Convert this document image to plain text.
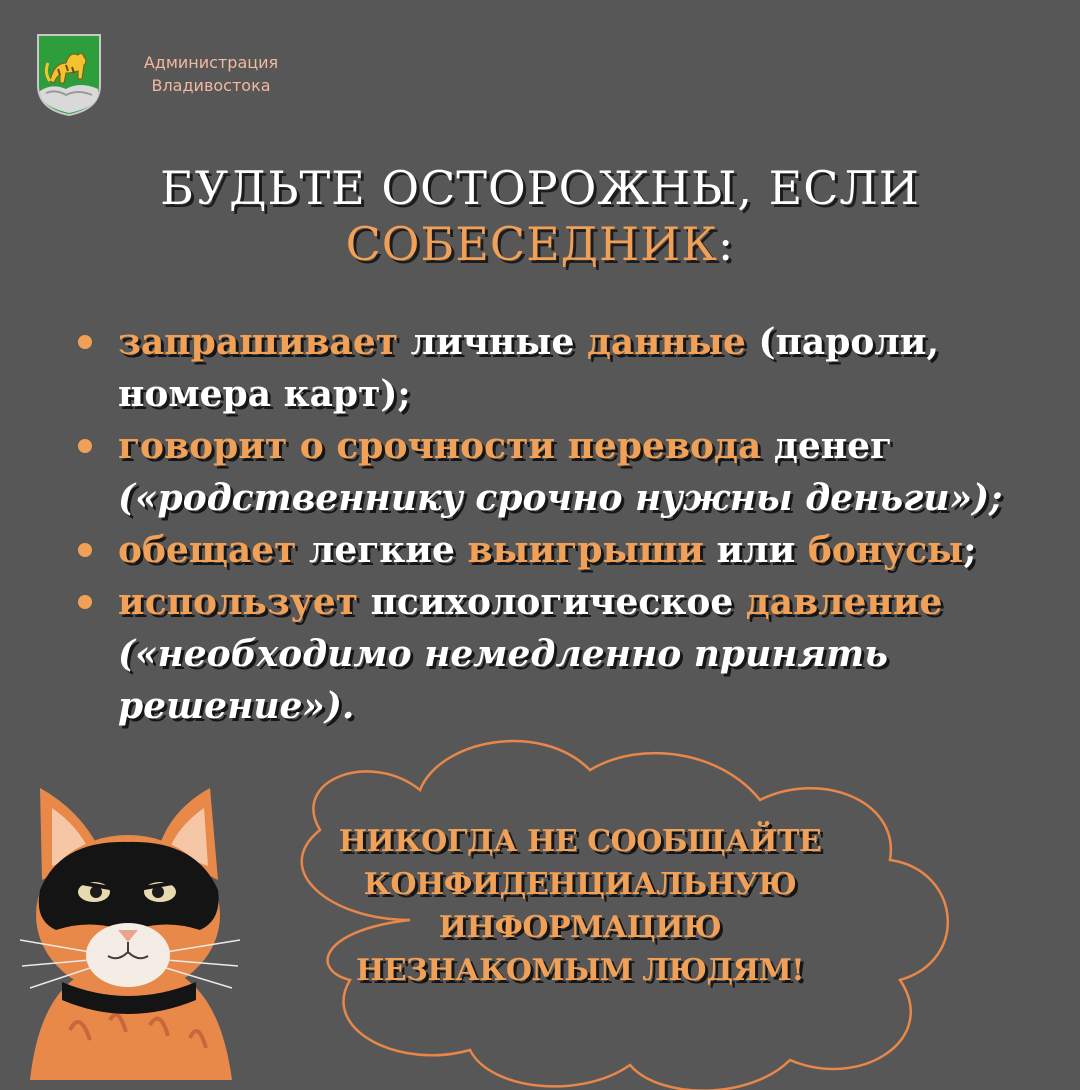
Администрация
Владивостока
БУДЬТЕ ОСТОРОЖНЫ, ЕСЛИ
СОБЕСЕДНИК:
запрашивает личные данные (пароли, номера карт);
говорит о срочности перевода денег («родственнику срочно нужны деньги»);
обещает легкие выигрыши или бонусы;
использует психологическое давление («необходимо немедленно принять решение»).
НИКОГДА НЕ СООБЩАЙТЕ
КОНФИДЕНЦИАЛЬНУЮ
ИНФОРМАЦИЮ
НЕЗНАКОМЫМ ЛЮДЯМ!
